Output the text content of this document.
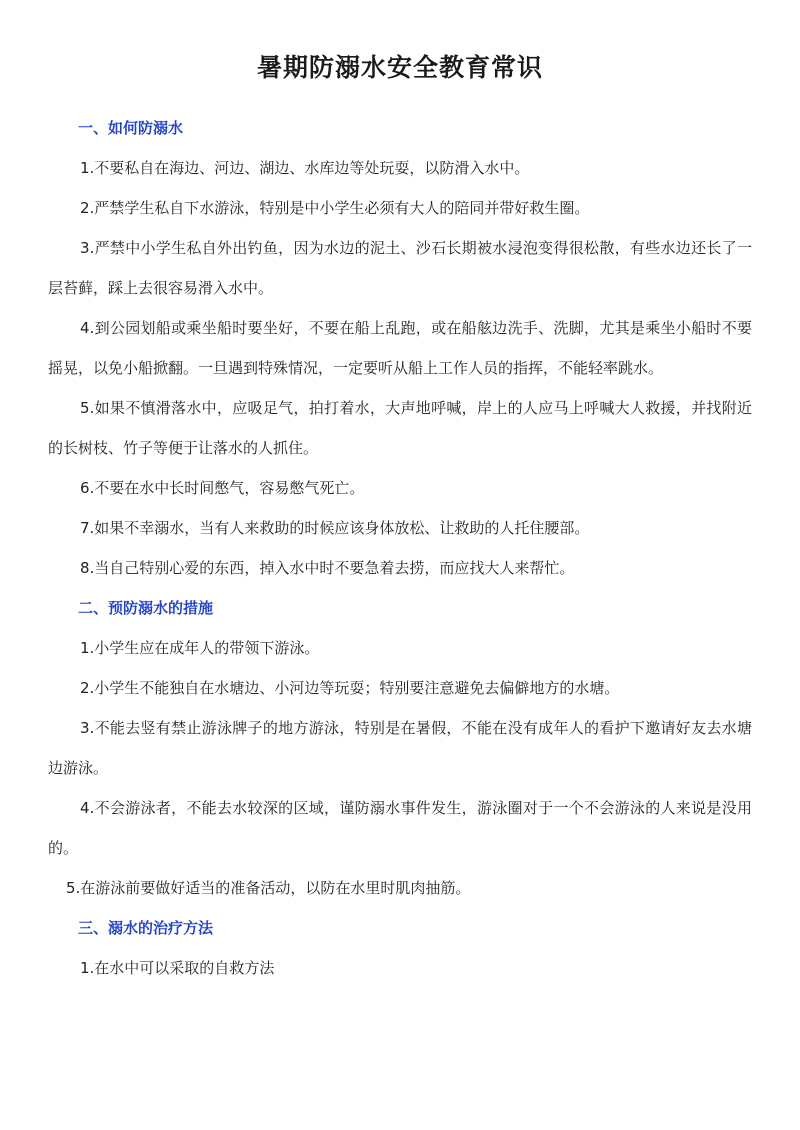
暑期防溺水安全教育常识
一、如何防溺水

1.不要私自在海边、河边、湖边、水库边等处玩耍，以防滑入水中。

2.严禁学生私自下水游泳，特别是中小学生必须有大人的陪同并带好救生圈。

3.严禁中小学生私自外出钓鱼，因为水边的泥土、沙石长期被水浸泡变得很松散，有些水边还长了一层苔藓，踩上去很容易滑入水中。

4.到公园划船或乘坐船时要坐好，不要在船上乱跑，或在船舷边洗手、洗脚，尤其是乘坐小船时不要摇晃，以免小船掀翻。一旦遇到特殊情况，一定要听从船上工作人员的指挥，不能轻率跳水。

5.如果不慎滑落水中，应吸足气，拍打着水，大声地呼喊，岸上的人应马上呼喊大人救援，并找附近的长树枝、竹子等便于让落水的人抓住。

6.不要在水中长时间憋气，容易憋气死亡。

7.如果不幸溺水，当有人来救助的时候应该身体放松、让救助的人托住腰部。

8.当自己特别心爱的东西，掉入水中时不要急着去捞，而应找大人来帮忙。

二、预防溺水的措施

1.小学生应在成年人的带领下游泳。

2.小学生不能独自在水塘边、小河边等玩耍；特别要注意避免去偏僻地方的水塘。

3.不能去竖有禁止游泳牌子的地方游泳，特别是在暑假，不能在没有成年人的看护下邀请好友去水塘边游泳。

4.不会游泳者，不能去水较深的区域，谨防溺水事件发生，游泳圈对于一个不会游泳的人来说是没用的。

5.在游泳前要做好适当的准备活动，以防在水里时肌肉抽筋。

三、溺水的治疗方法

1.在水中可以采取的自救方法
